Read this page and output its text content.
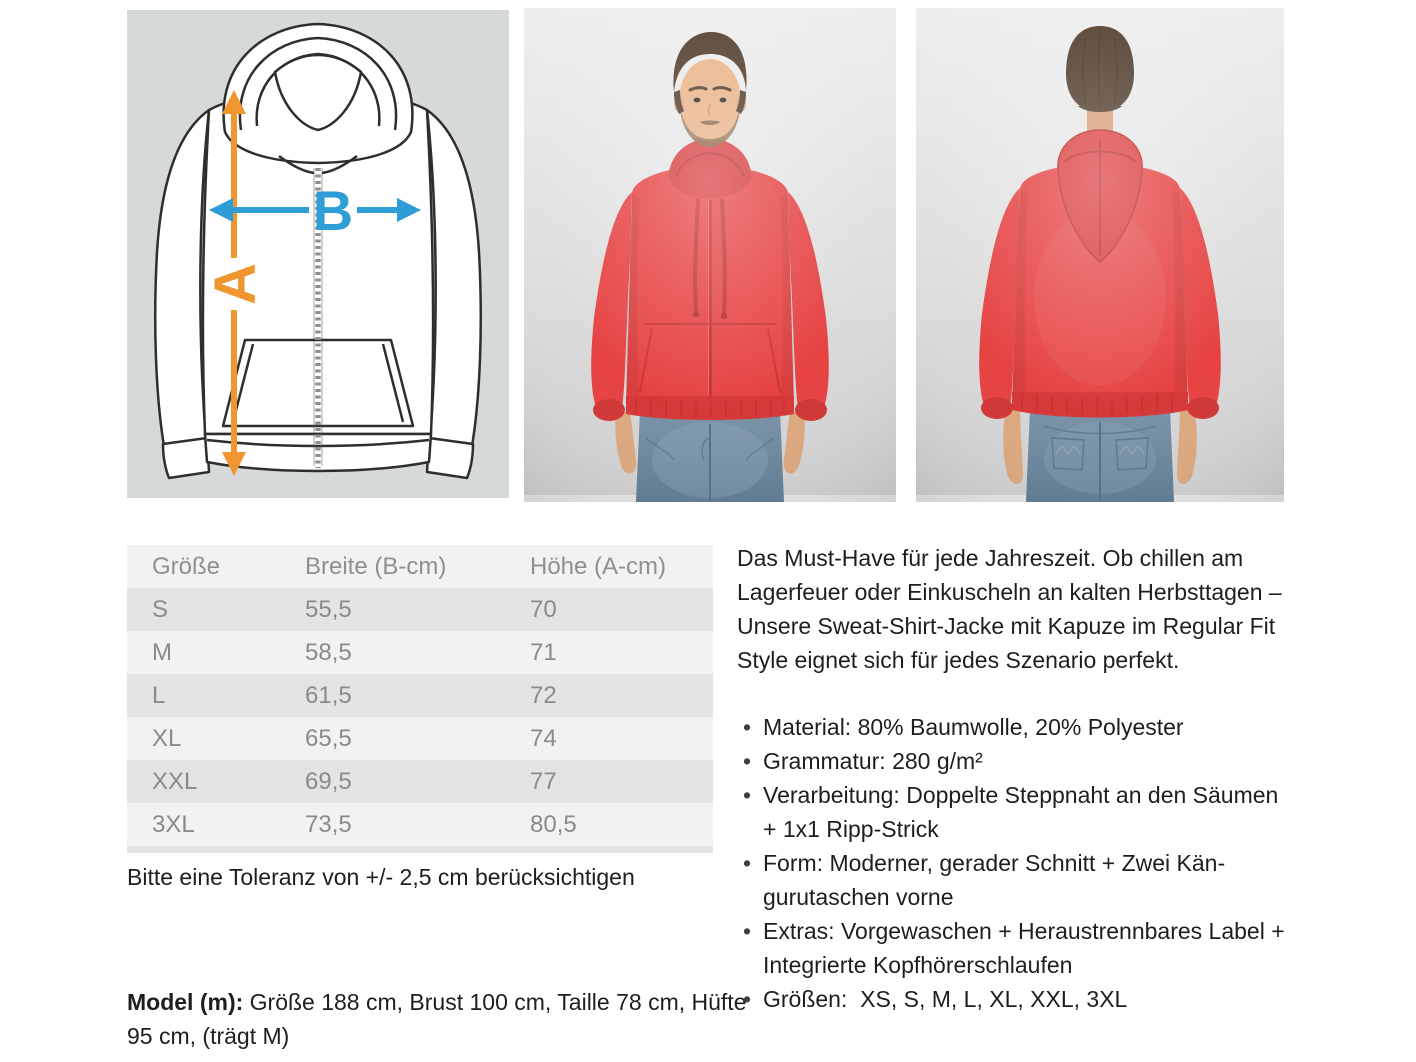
A
B
Größe	Breite (B-cm)	Höhe (A-cm)
S	55,5	70
M	58,5	71
L	61,5	72
XL	65,5	74
XXL	69,5	77
3XL	73,5	80,5
Bitte eine Toleranz von +/- 2,5 cm berücksichtigen
Model (m): Größe 188 cm, Brust 100 cm, Taille 78 cm, Hüfte 95 cm, (trägt M)

Das Must-Have für jede Jahreszeit. Ob chillen am Lagerfeuer oder Einkuscheln an kalten Herbsttagen – Unsere Sweat-Shirt-Jacke mit Kapuze im Regular Fit Style eignet sich für jedes Szenario perfekt.

• Material: 80% Baumwolle, 20% Polyester
• Grammatur: 280 g/m²
• Verarbeitung: Doppelte Steppnaht an den Säumen + 1x1 Ripp-Strick
• Form: Moderner, gerader Schnitt + Zwei Kängurutaschen vorne
• Extras: Vorgewaschen + Heraustrennbares Label + Integrierte Kopfhörerschlaufen
• Größen:  XS, S, M, L, XL, XXL, 3XL
